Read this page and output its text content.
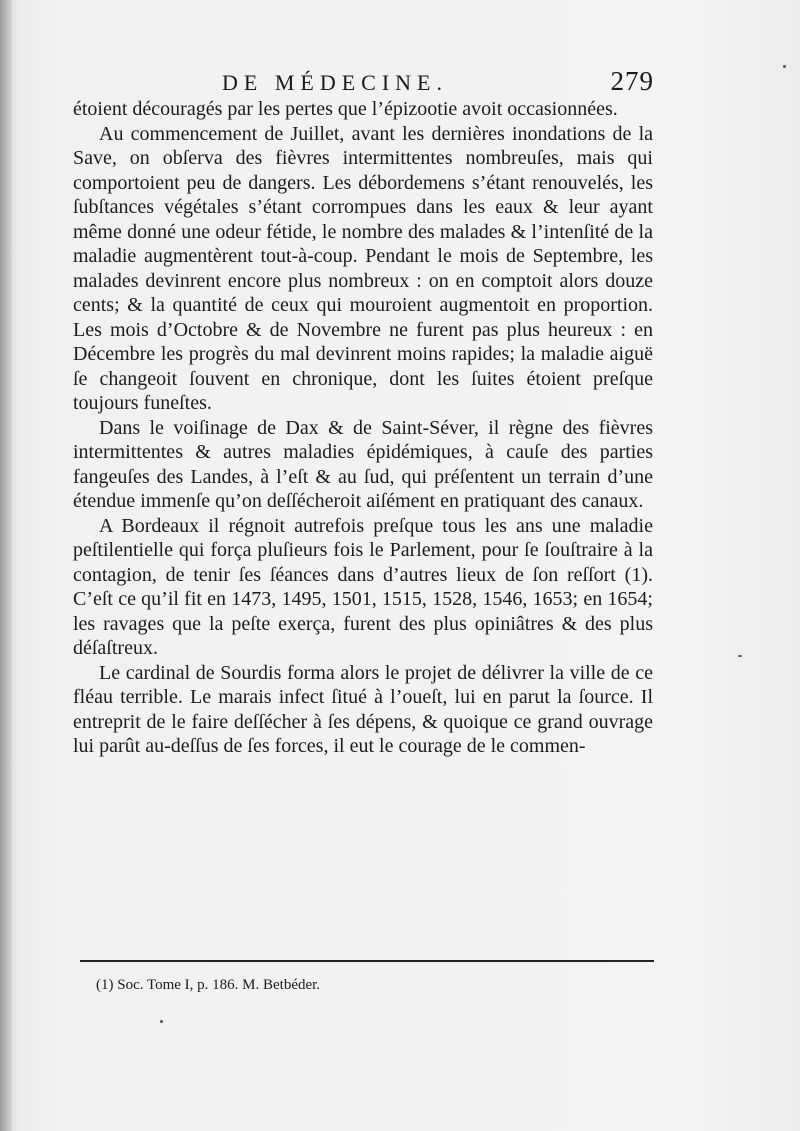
DE MÉDECINE.	279

étoient découragés par les pertes que l’épizootie avoit occasionnées.

Au commencement de Juillet, avant les dernières inondations de la Save, on obſerva des fièvres intermittentes nombreuſes, mais qui comportoient peu de dangers. Les débordemens s’étant renouvelés, les ſubſtances végétales s’étant corrompues dans les eaux & leur ayant même donné une odeur fétide, le nombre des malades & l’intenſité de la maladie augmentèrent tout-à-coup. Pendant le mois de Septembre, les malades devinrent encore plus nombreux : on en comptoit alors douze cents; & la quantité de ceux qui mouroient augmentoit en proportion. Les mois d’Octobre & de Novembre ne furent pas plus heureux : en Décembre les progrès du mal devinrent moins rapides; la maladie aiguë ſe changeoit ſouvent en chronique, dont les ſuites étoient preſque toujours funeſtes.

Dans le voiſinage de Dax & de Saint-Séver, il règne des fièvres intermittentes & autres maladies épidémiques, à cauſe des parties fangeuſes des Landes, à l’eſt & au ſud, qui préſentent un terrain d’une étendue immenſe qu’on deſſécheroit aiſément en pratiquant des canaux.

A Bordeaux il régnoit autrefois preſque tous les ans une maladie peſtilentielle qui força pluſieurs fois le Parlement, pour ſe ſouſtraire à la contagion, de tenir ſes ſéances dans d’autres lieux de ſon reſſort (1). C’eſt ce qu’il fit en 1473, 1495, 1501, 1515, 1528, 1546, 1653; en 1654; les ravages que la peſte exerça, furent des plus opiniâtres & des plus déſaſtreux.

Le cardinal de Sourdis forma alors le projet de délivrer la ville de ce fléau terrible. Le marais infect ſitué à l’oueſt, lui en parut la ſource. Il entreprit de le faire deſſécher à ſes dépens, & quoique ce grand ouvrage lui parût au-deſſus de ſes forces, il eut le courage de le commen-

(1) Soc. Tome I, p. 186. M. Betbéder.
